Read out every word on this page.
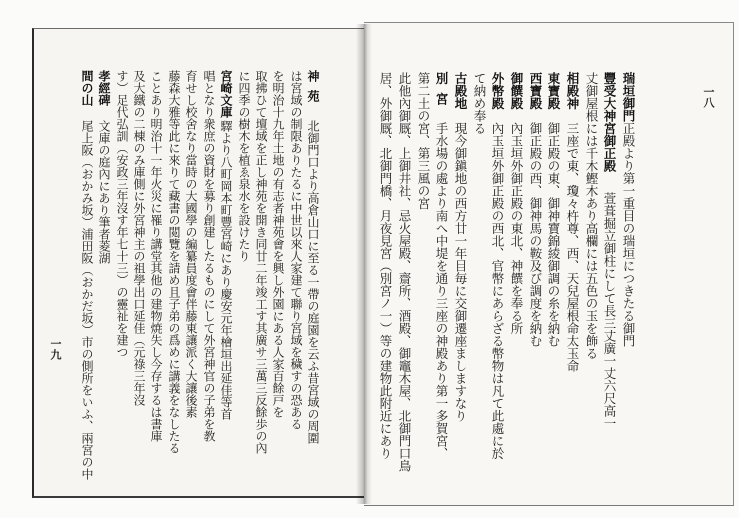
一八
瑞垣御門正殿より第一重目の瑞垣につきたる御門
豐受大神宮御正殿萱葺掘立御柱にして長三丈廣一丈六尺高一
丈御屋根には千木鰹木あり高欄には五色の玉を飾る
相殿神三座で東、瓊々杵尊、西、天兒屋根命太玉命
東寶殿御正殿の東、御神寶錦綾御調の糸を納む
西寶殿御正殿の西、御神馬の鞍及び調度を納む
御饌殿內玉垣外御正殿の東北、神饌を奉る所
外幣殿內玉垣外御正殿の西北、官幣にあらざる幣物は凡て此處に於
て納め奉る
古殿地現今御鎭地の西方廿一年目毎に交御遷座ましますなり
別宮手水場の處より南へ中堤を通り三座の神殿あり第一多賀宮、
第二土の宮、第三風の宮
此他內御厩、上御井社、忌火屋殿、齋所、酒殿、御竈木屋、北御門口鳥
居、外御厩、北御門橋、月夜見宮（別宮ノ一）等の建物此附近にあり
一九
神苑北御門口より高倉山口に至る一帶の庭園を云ふ昔宮域の周圍
は宮域の制限ありたるに中世以來人家建て聯り宮域を穢すの恐ある
を明治十九年土地の有志者神苑會を興し外園にある人家百餘戸を
取拂ひて壇域を正し神苑を開き同廿二年竣工す其廣サ三萬三反餘歩の內
に四季の樹木を植ゑ泉水を設けたり
宮崎文庫驛より八町岡本町豐宮崎にあり慶安元年檜垣出延佳等首
唱となり衆庶の資財を募り創建したるものにして外宮神官の子弟を教
育せし校舍なり當時の大國學の編纂員度會伴藤東讓派く大讓後素
藤森大雅等此に來りて藏書の閲覽を請め且子弟の爲めに講義をなしたる
ことあり明治十一年火災に罹り講堂其他の建物焼失し今存するは書庫
及大鐵の二棟のみ庫側に外宮神主の祖學出口延佳（元祿三年沒
す）足代弘訓（安政三年沒す年七十三）の靈祉を建つ
孝經碑文庫の庭內にあり筆者菱湖
間の山尾上阪（おかみ坂）浦田阪（おかだ坂）市の側所をいふ、兩宮の中
